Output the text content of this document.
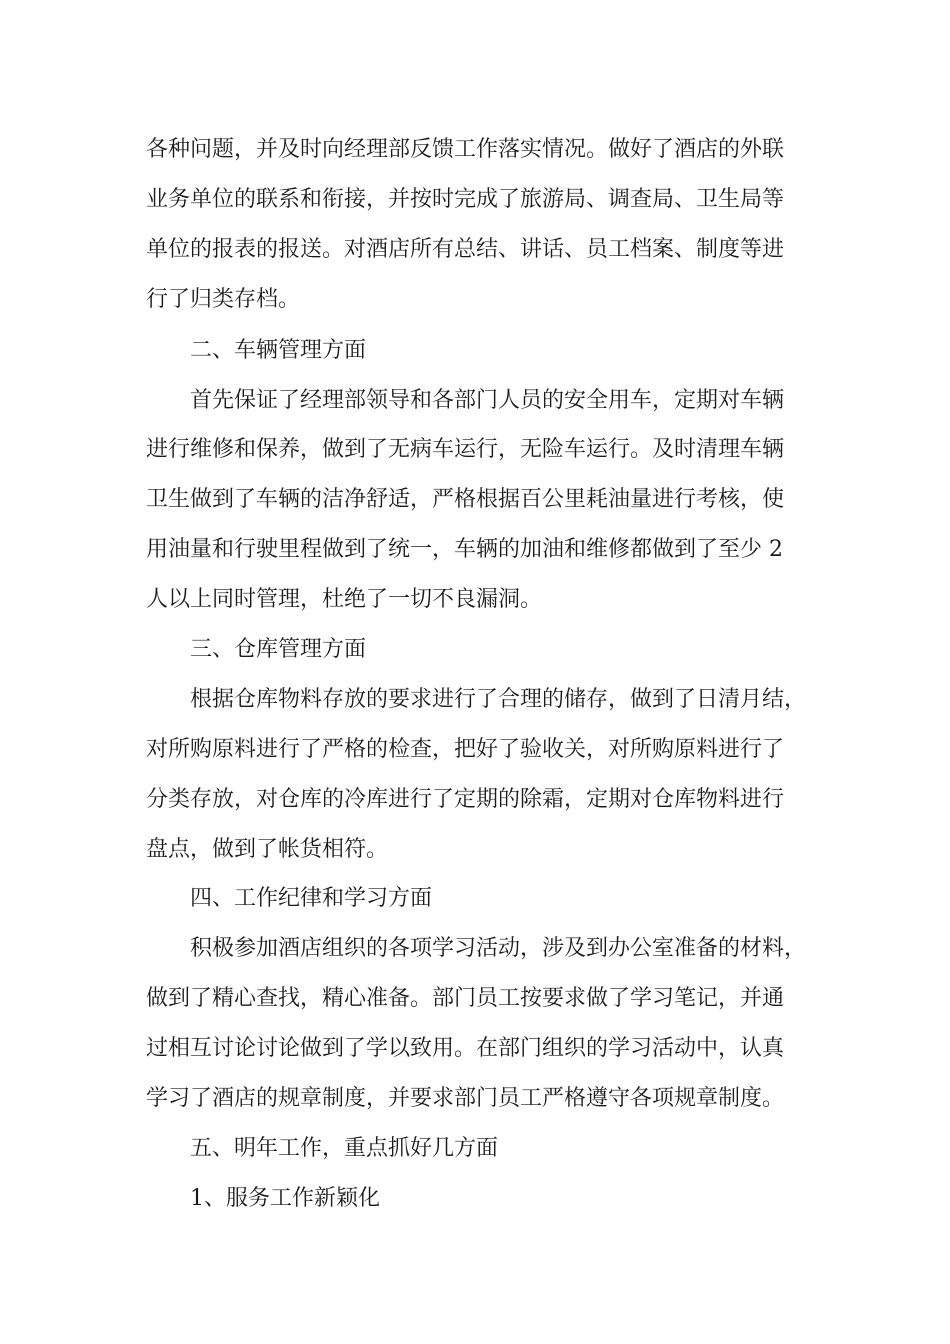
各种问题，并及时向经理部反馈工作落实情况。做好了酒店的外联
业务单位的联系和衔接，并按时完成了旅游局、调查局、卫生局等
单位的报表的报送。对酒店所有总结、讲话、员工档案、制度等进
行了归类存档。
二、车辆管理方面
首先保证了经理部领导和各部门人员的安全用车，定期对车辆
进行维修和保养，做到了无病车运行，无险车运行。及时清理车辆
卫生做到了车辆的洁净舒适，严格根据百公里耗油量进行考核，使
用油量和行驶里程做到了统一，车辆的加油和维修都做到了至少 2
人以上同时管理，杜绝了一切不良漏洞。
三、仓库管理方面
根据仓库物料存放的要求进行了合理的储存，做到了日清月结，
对所购原料进行了严格的检查，把好了验收关，对所购原料进行了
分类存放，对仓库的冷库进行了定期的除霜，定期对仓库物料进行
盘点，做到了帐货相符。
四、工作纪律和学习方面
积极参加酒店组织的各项学习活动，涉及到办公室准备的材料，
做到了精心查找，精心准备。部门员工按要求做了学习笔记，并通
过相互讨论讨论做到了学以致用。在部门组织的学习活动中，认真
学习了酒店的规章制度，并要求部门员工严格遵守各项规章制度。
五、明年工作，重点抓好几方面
1、服务工作新颖化
